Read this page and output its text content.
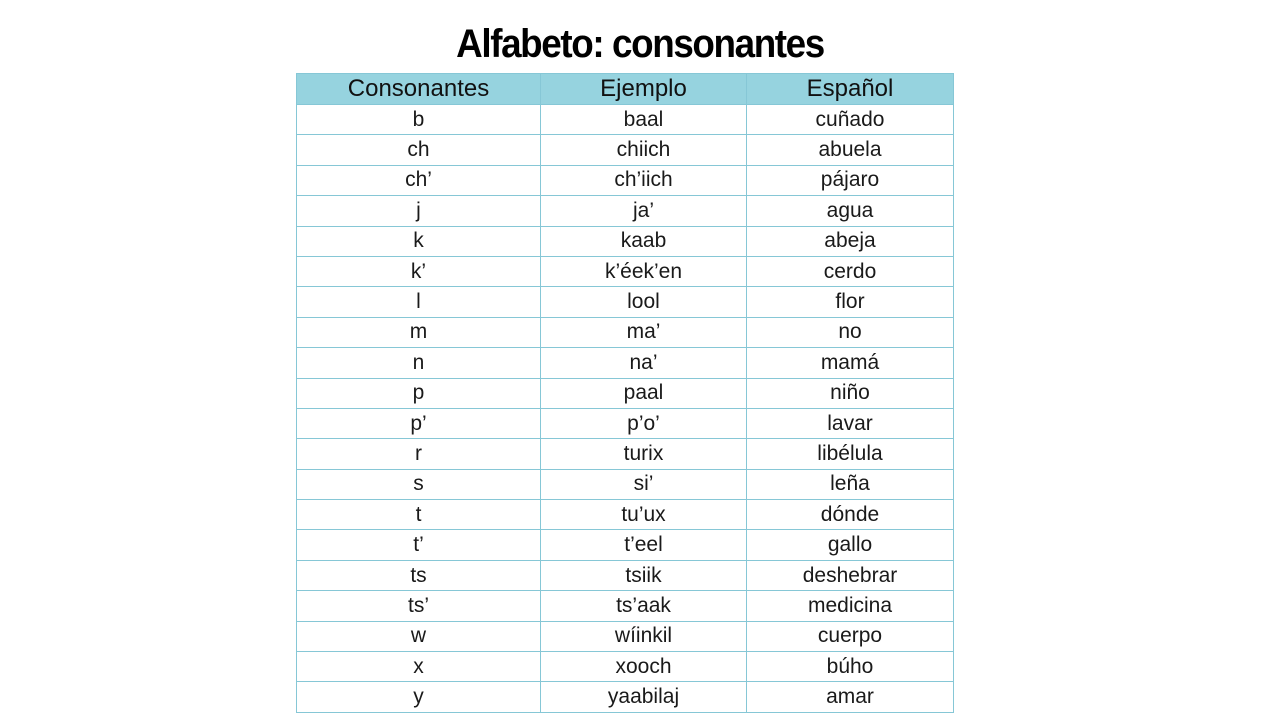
Alfabeto: consonantes
Consonantes	Ejemplo	Español
b	baal	cuñado
ch	chiich	abuela
ch’	ch’iich	pájaro
j	ja’	agua
k	kaab	abeja
k’	k’éek’en	cerdo
l	lool	flor
m	ma’	no
n	na’	mamá
p	paal	niño
p’	p’o’	lavar
r	turix	libélula
s	si’	leña
t	tu’ux	dónde
t’	t’eel	gallo
ts	tsiik	deshebrar
ts’	ts’aak	medicina
w	wíinkil	cuerpo
x	xooch	búho
y	yaabilaj	amar
